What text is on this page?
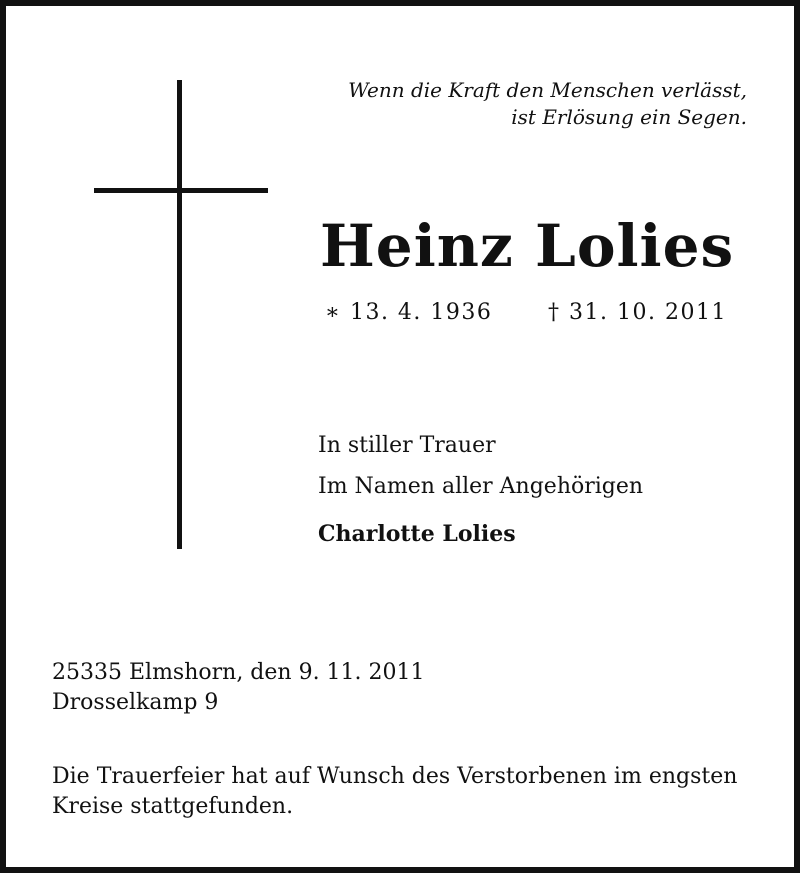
Wenn die Kraft den Menschen verlässt,
ist Erlösung ein Segen.
Heinz Lolies
∗ 13. 4. 1936	† 31. 10. 2011
In stiller Trauer
Im Namen aller Angehörigen
Charlotte Lolies
25335 Elmshorn, den 9. 11. 2011
Drosselkamp 9
Die Trauerfeier hat auf Wunsch des Verstorbenen im engsten
Kreise stattgefunden.
